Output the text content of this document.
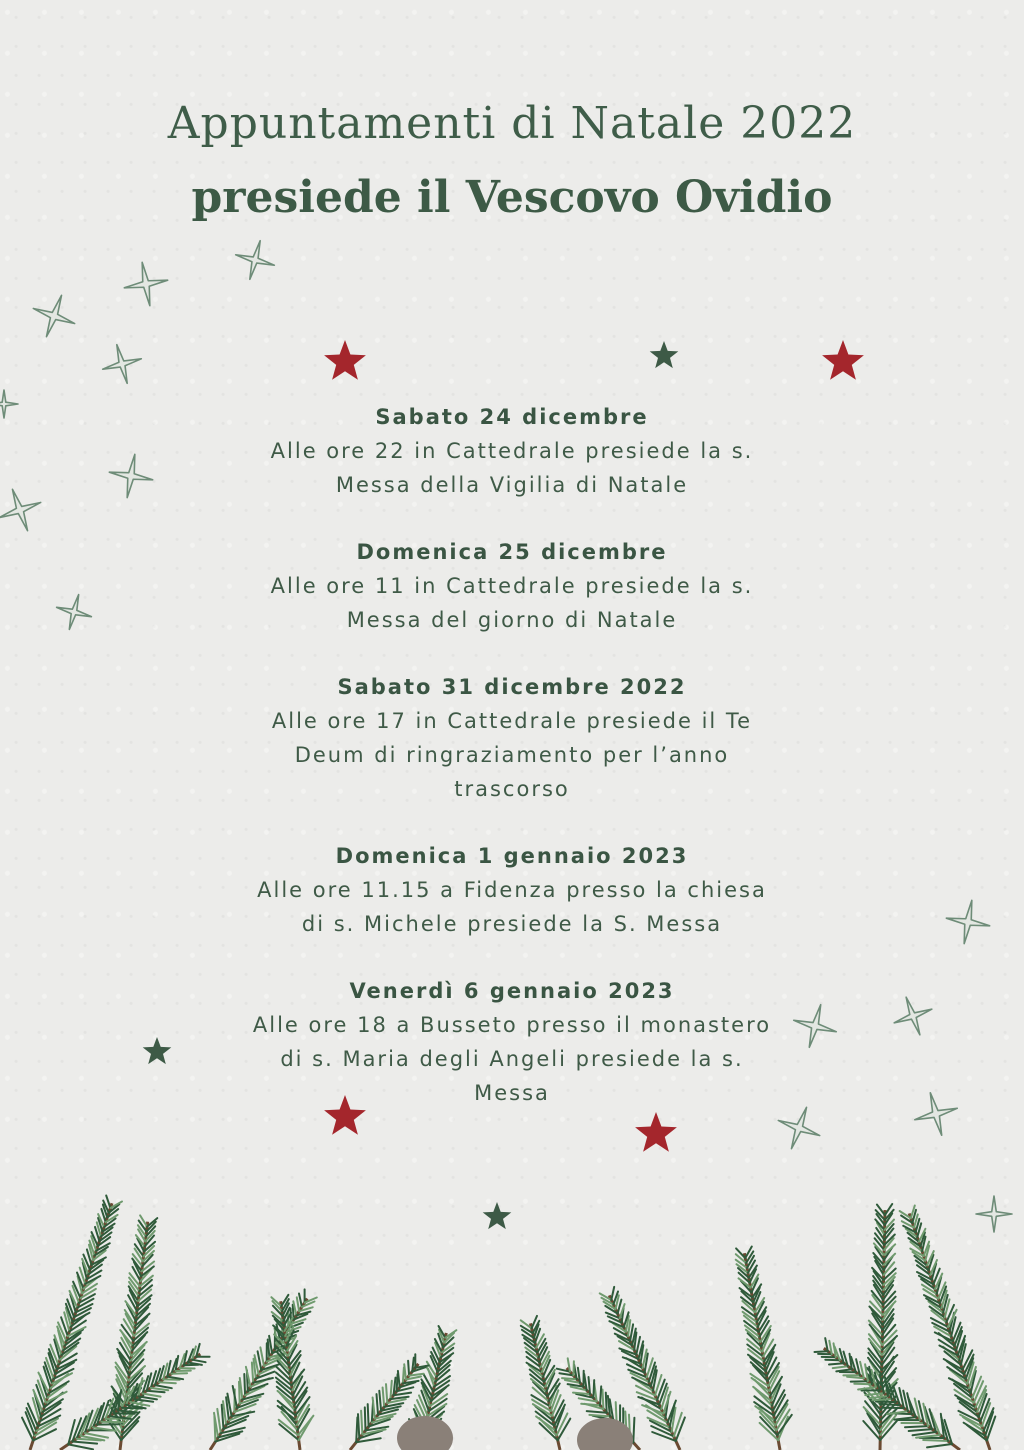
Appuntamenti di Natale 2022
presiede il Vescovo Ovidio
Sabato 24 dicembre
Alle ore 22 in Cattedrale presiede la s.
Messa della Vigilia di Natale
Domenica 25 dicembre
Alle ore 11 in Cattedrale presiede la s.
Messa del giorno di Natale
Sabato 31 dicembre 2022
Alle ore 17 in Cattedrale presiede il Te
Deum di ringraziamento per l’anno
trascorso
Domenica 1 gennaio 2023
Alle ore 11.15 a Fidenza presso la chiesa
di s. Michele presiede la S. Messa
Venerdì 6 gennaio 2023
Alle ore 18 a Busseto presso il monastero
di s. Maria degli Angeli presiede la s.
Messa
